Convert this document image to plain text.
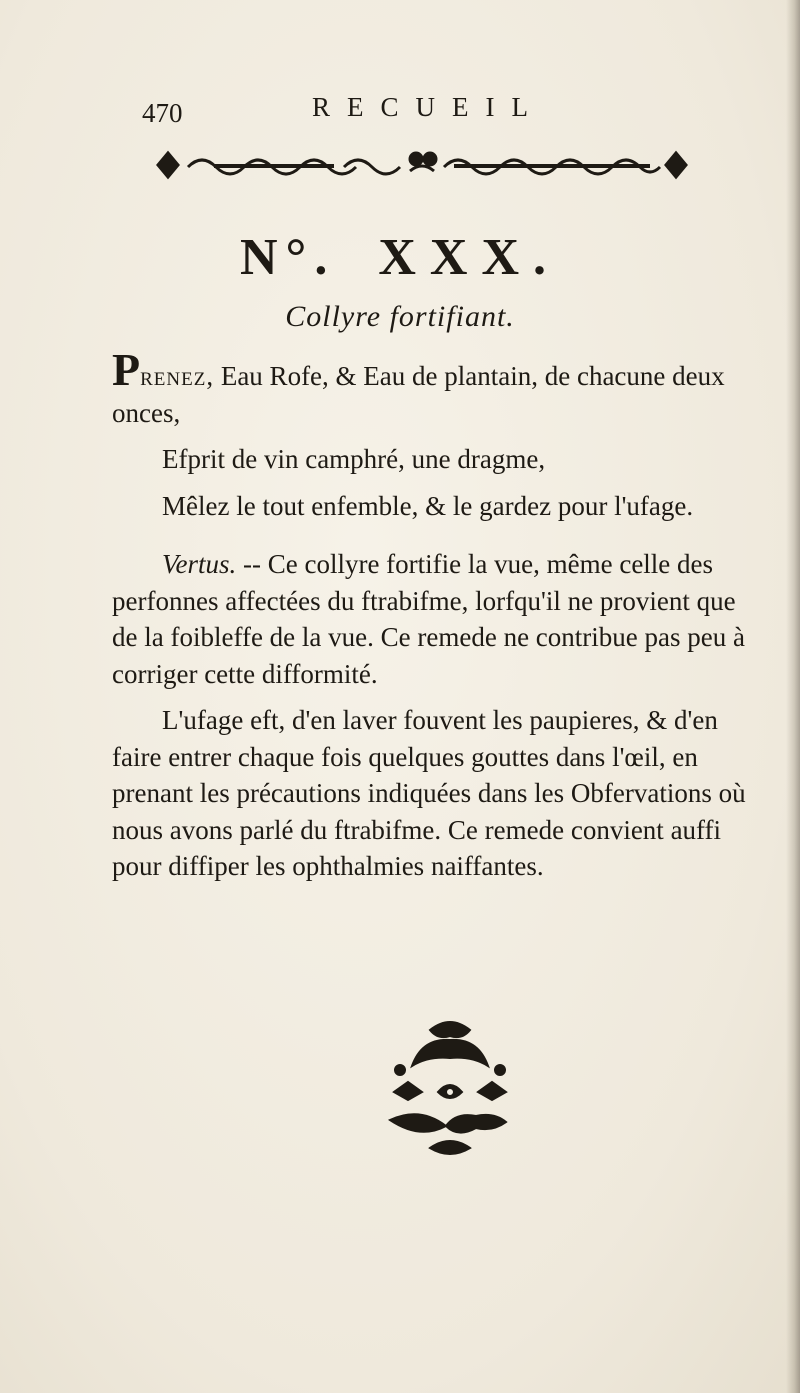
470	RECUEIL
N°. XXX.
Collyre fortifiant.

Prenez, Eau Rofe, & Eau de plantain, de chacune deux onces,

Efprit de vin camphré, une dragme,

Mêlez le tout enfemble, & le gardez pour l'ufage.

Vertus. -- Ce collyre fortifie la vue, même celle des perfonnes affectées du ftrabifme, lorfqu'il ne provient que de la foibleffe de la vue. Ce remede ne contribue pas peu à corriger cette difformité.

L'ufage eft, d'en laver fouvent les paupieres, & d'en faire entrer chaque fois quelques gouttes dans l'œil, en prenant les précautions indiquées dans les Obfervations où nous avons parlé du ftrabifme. Ce remede convient auffi pour diffiper les ophthalmies naiffantes.
